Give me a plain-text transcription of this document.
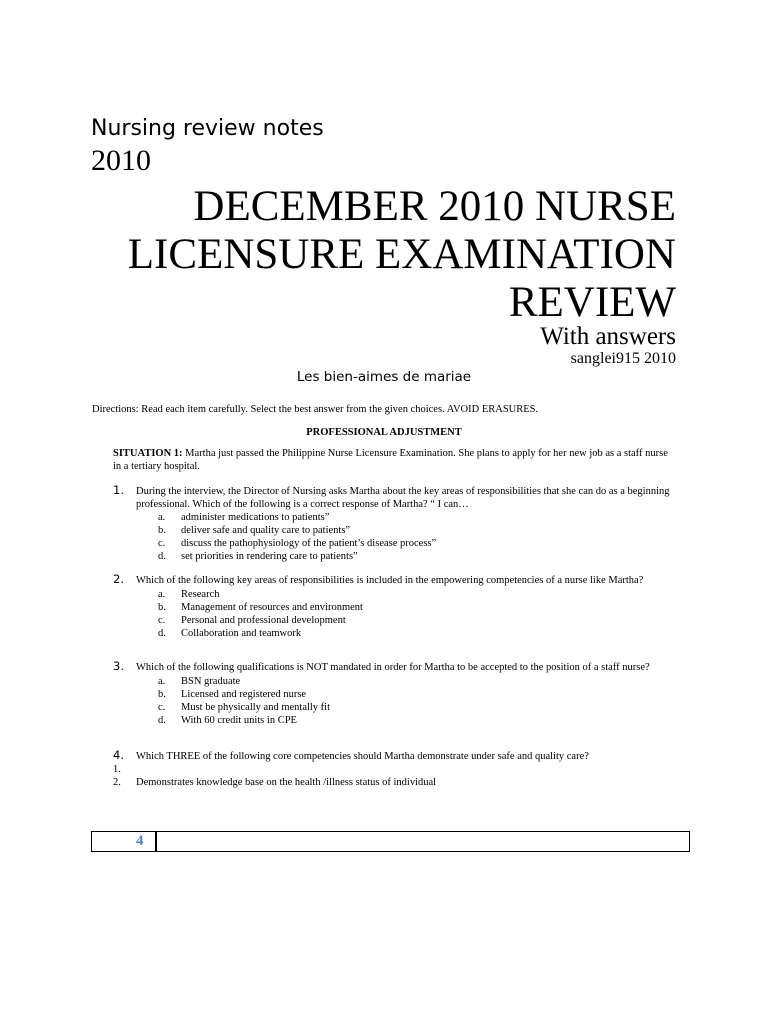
Nursing review notes
2010
DECEMBER 2010 NURSE
LICENSURE EXAMINATION
REVIEW
With answers
sanglei915 2010
Les bien-aimes de mariae
Directions: Read each item carefully. Select the best answer from the given choices. AVOID ERASURES.
PROFESSIONAL ADJUSTMENT
SITUATION 1: Martha just passed the Philippine Nurse Licensure Examination. She plans to apply for her new job as a staff nurse in a tertiary hospital.
1. During the interview, the Director of Nursing asks Martha about the key areas of responsibilities that she can do as a beginning professional. Which of the following is a correct response of Martha? “ I can…
a. administer medications to patients”
b. deliver safe and quality care to patients”
c. discuss the pathophysiology of the patient’s disease process”
d. set priorities in rendering care to patients”
2. Which of the following key areas of responsibilities is included in the empowering competencies of a nurse like Martha?
a. Research
b. Management of resources and environment
c. Personal and professional development
d. Collaboration and teamwork
3. Which of the following qualifications is NOT mandated in order for Martha to be accepted to the position of a staff nurse?
a. BSN graduate
b. Licensed and registered nurse
c. Must be physically and mentally fit
d. With 60 credit units in CPE
4. Which THREE of the following core competencies should Martha demonstrate under safe and quality care?
1.
2. Demonstrates knowledge base on the health /illness status of individual
4
